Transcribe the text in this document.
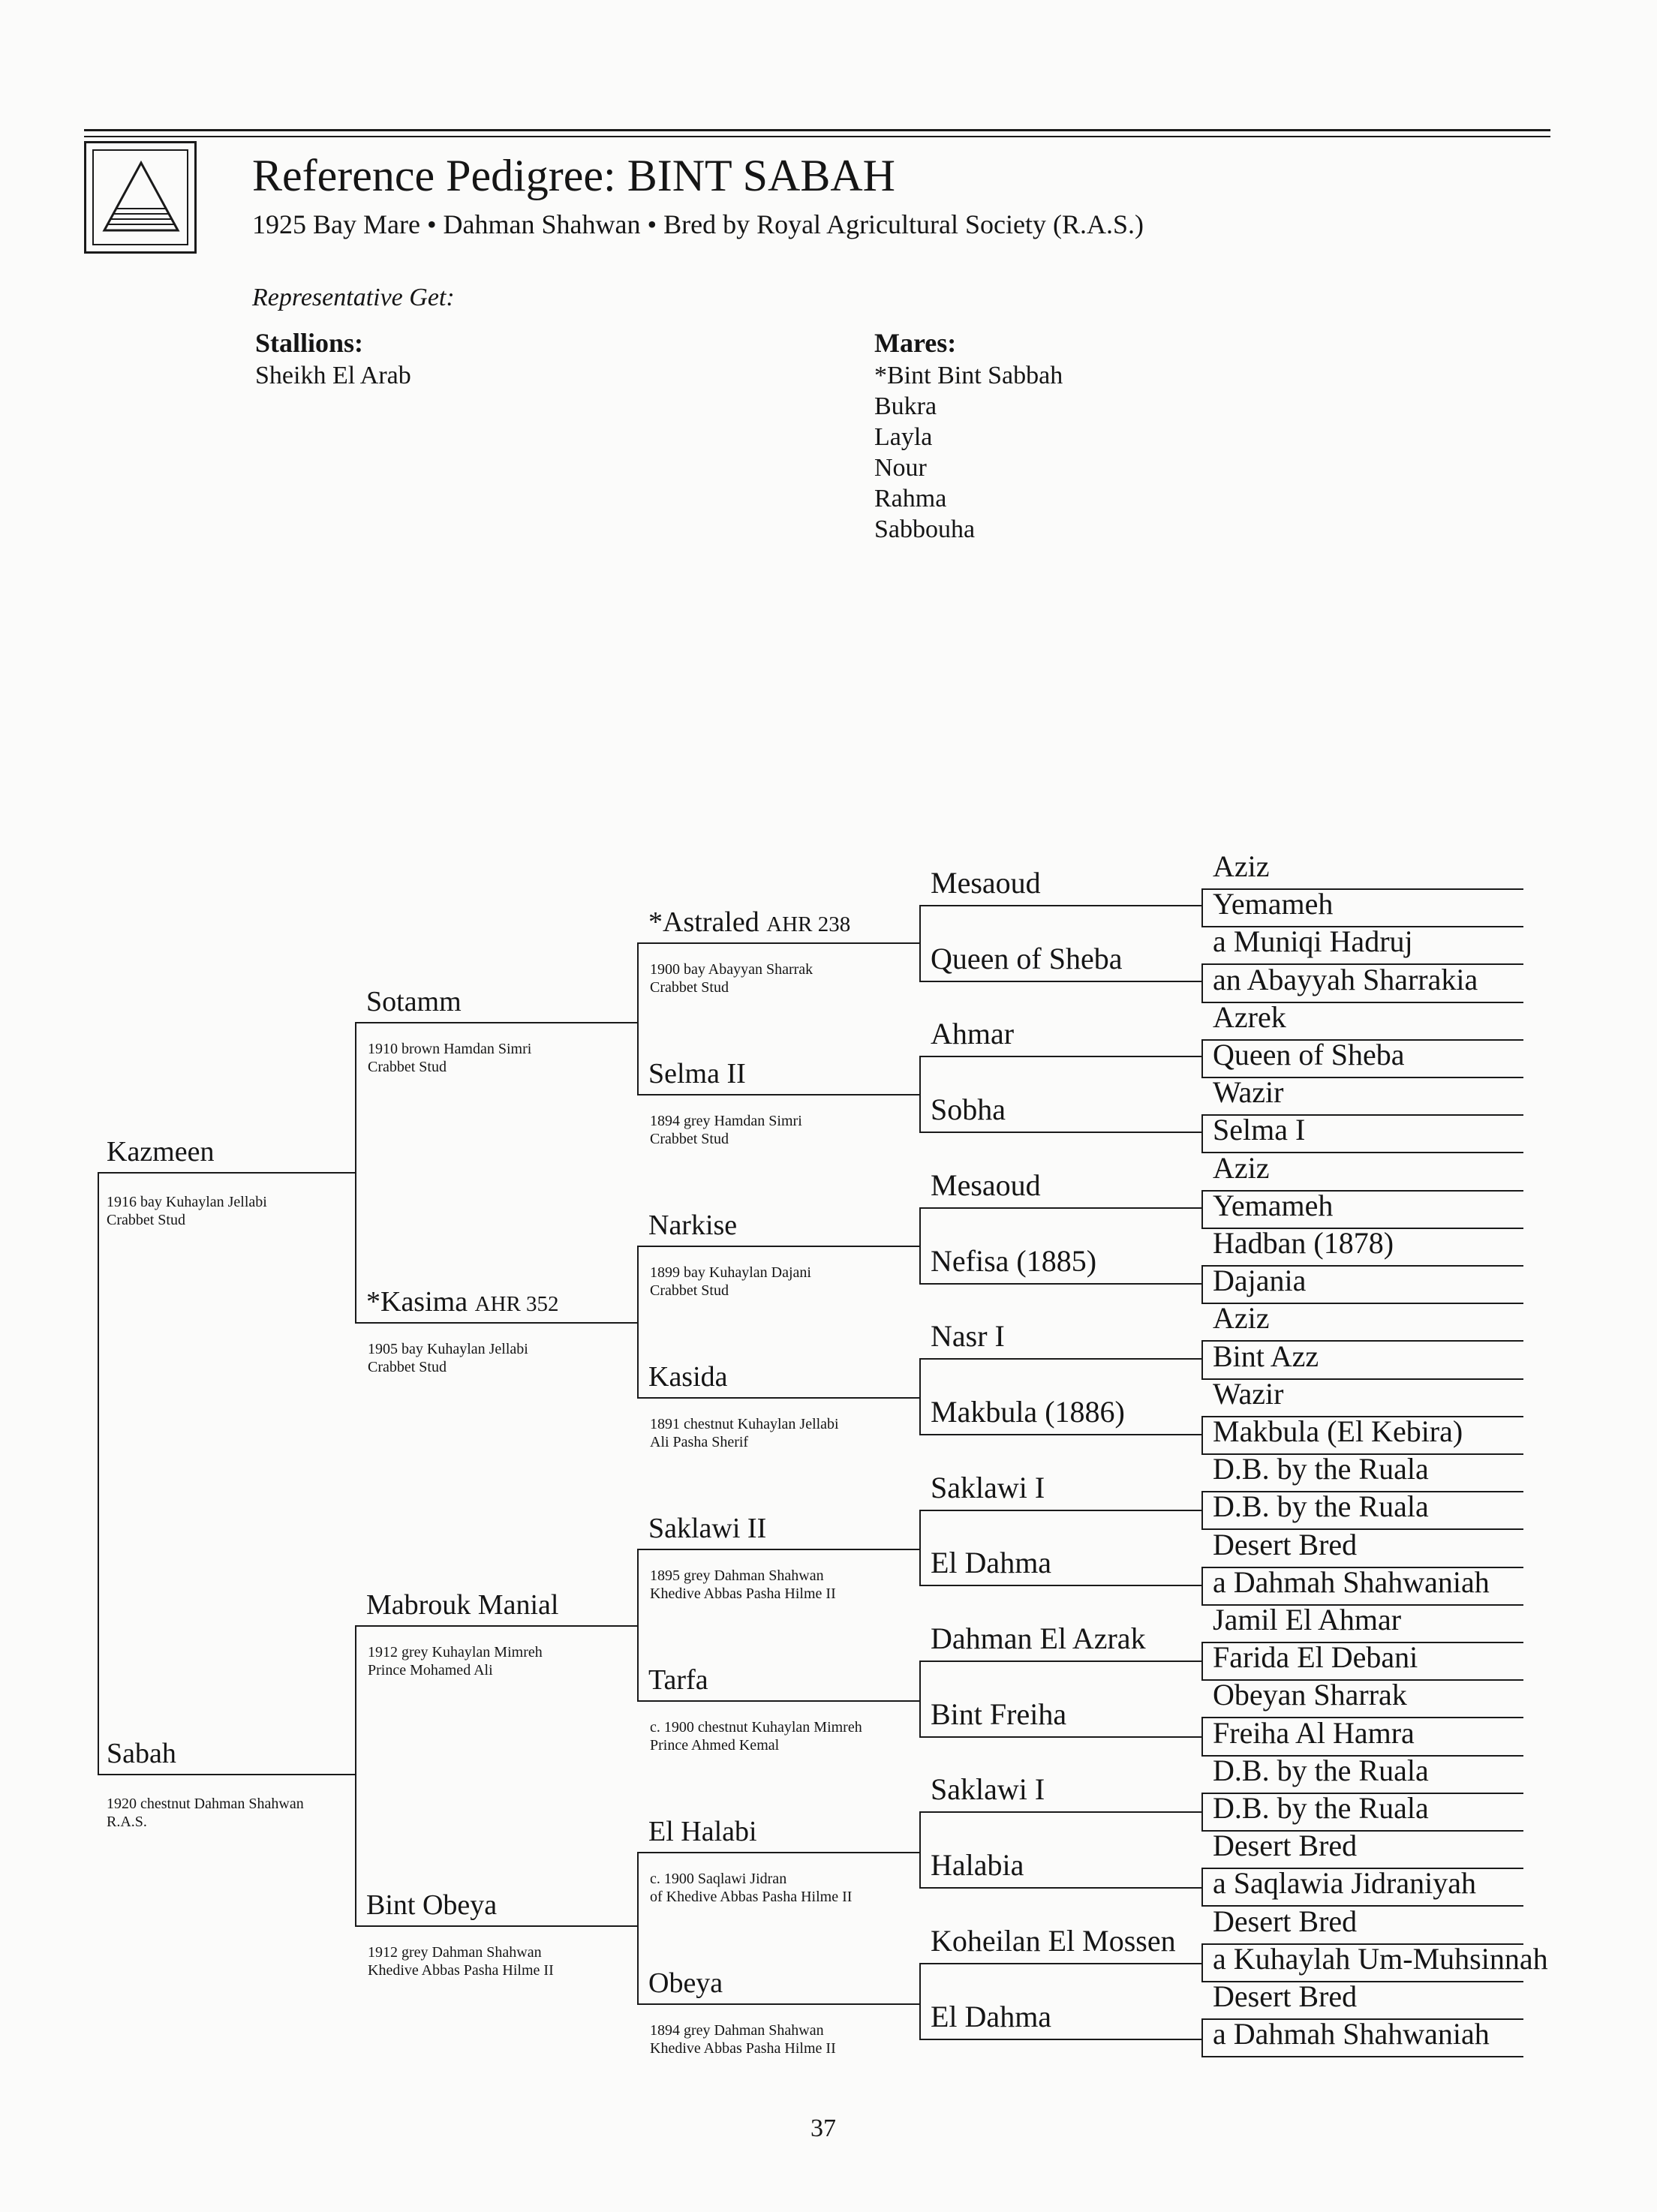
Reference Pedigree: BINT SABAH
1925 Bay Mare • Dahman Shahwan • Bred by Royal Agricultural Society (R.A.S.)
Representative Get:
Stallions:
Sheikh El Arab
Mares:
*Bint Bint Sabbah
Bukra
Layla
Nour
Rahma
Sabbouha
Kazmeen
1916 bay Kuhaylan Jellabi
Crabbet Stud
Sabah
1920 chestnut Dahman Shahwan
R.A.S.
Sotamm
1910 brown Hamdan Simri
Crabbet Stud
*Kasima AHR 352
1905 bay Kuhaylan Jellabi
Crabbet Stud
Mabrouk Manial
1912 grey Kuhaylan Mimreh
Prince Mohamed Ali
Bint Obeya
1912 grey Dahman Shahwan
Khedive Abbas Pasha Hilme II
*Astraled AHR 238
1900 bay Abayyan Sharrak
Crabbet Stud
Selma II
1894 grey Hamdan Simri
Crabbet Stud
Narkise
1899 bay Kuhaylan Dajani
Crabbet Stud
Kasida
1891 chestnut Kuhaylan Jellabi
Ali Pasha Sherif
Saklawi II
1895 grey Dahman Shahwan
Khedive Abbas Pasha Hilme II
Tarfa
c. 1900 chestnut Kuhaylan Mimreh
Prince Ahmed Kemal
El Halabi
c. 1900 Saqlawi Jidran
of Khedive Abbas Pasha Hilme II
Obeya
1894 grey Dahman Shahwan
Khedive Abbas Pasha Hilme II
Mesaoud
Queen of Sheba
Ahmar
Sobha
Mesaoud
Nefisa (1885)
Nasr I
Makbula (1886)
Saklawi I
El Dahma
Dahman El Azrak
Bint Freiha
Saklawi I
Halabia
Koheilan El Mossen
El Dahma
Aziz
Yemameh
a Muniqi Hadruj
an Abayyah Sharrakia
Azrek
Queen of Sheba
Wazir
Selma I
Aziz
Yemameh
Hadban (1878)
Dajania
Aziz
Bint Azz
Wazir
Makbula (El Kebira)
D.B. by the Ruala
D.B. by the Ruala
Desert Bred
a Dahmah Shahwaniah
Jamil El Ahmar
Farida El Debani
Obeyan Sharrak
Freiha Al Hamra
D.B. by the Ruala
D.B. by the Ruala
Desert Bred
a Saqlawia Jidraniyah
Desert Bred
a Kuhaylah Um-Muhsinnah
Desert Bred
a Dahmah Shahwaniah
37
